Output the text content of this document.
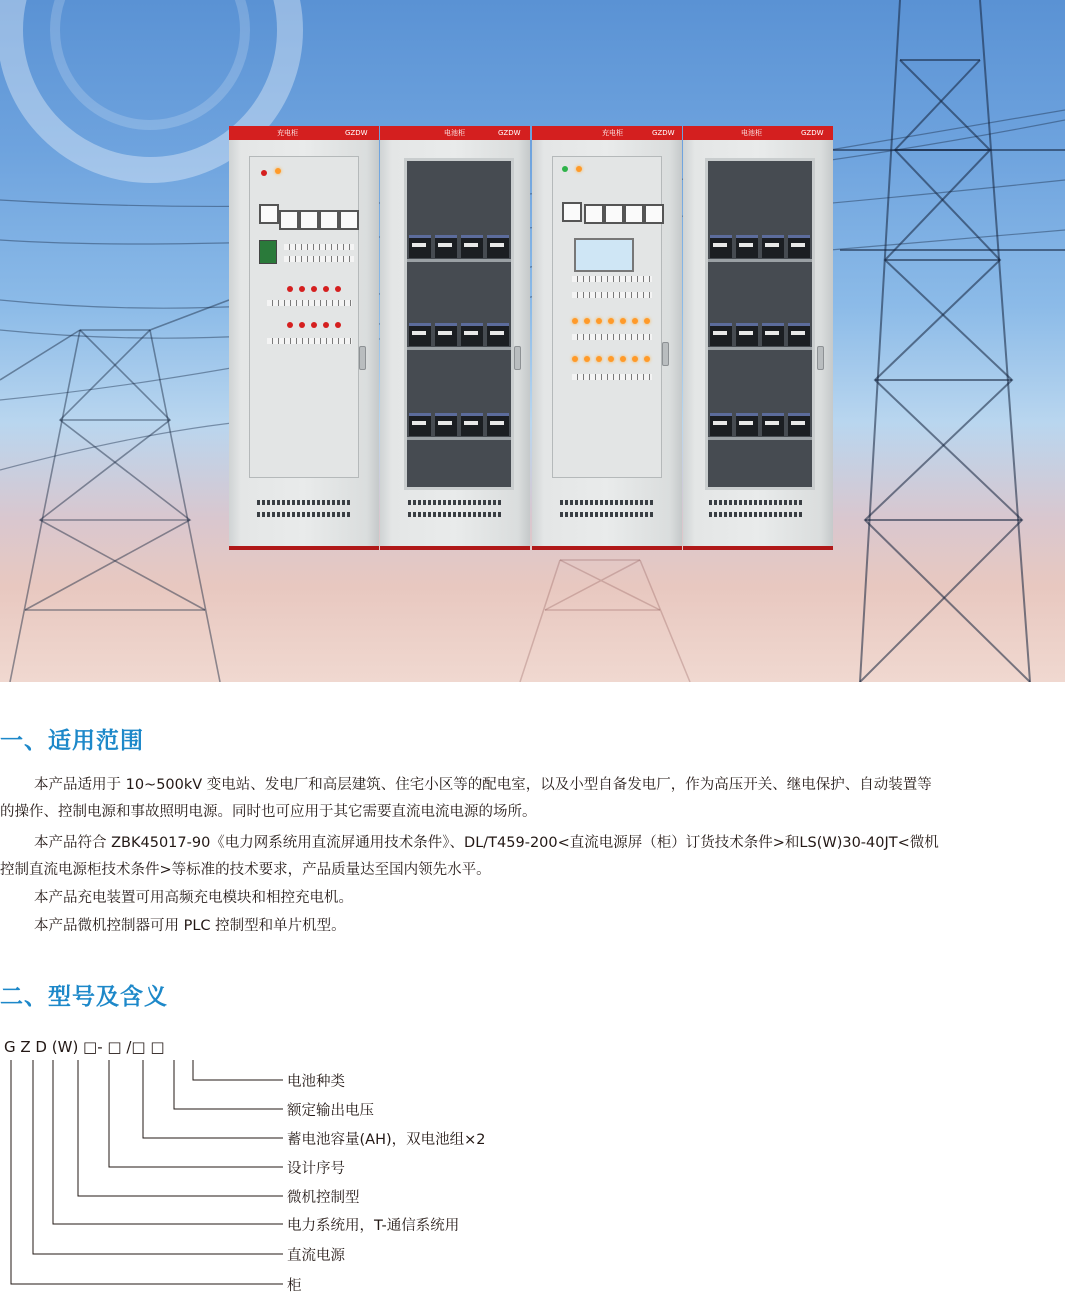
充电柜	GZDW	电池柜	GZDW	充电柜	GZDW	电池柜	GZDW
一、适用范围

本产品适用于 10~500kV 变电站、发电厂和高层建筑、住宅小区等的配电室，以及小型自备发电厂，作为高压开关、继电保护、自动装置等

的操作、控制电源和事故照明电源。同时也可应用于其它需要直流电流电源的场所。

本产品符合 ZBK45017-90《电力网系统用直流屏通用技术条件》、DL/T459-200<直流电源屏（柜）订货技术条件>和LS(W)30-40JT<微机

控制直流电源柜技术条件>等标准的技术要求，产品质量达至国内领先水平。

本产品充电装置可用高频充电模块和相控充电机。

本产品微机控制器可用 PLC 控制型和单片机型。

二、型号及含义
G Z D (W) □- □ /□ □
电池种类
额定输出电压
蓄电池容量(AH)，双电池组×2
设计序号
微机控制型
电力系统用，T-通信系统用
直流电源
柜
